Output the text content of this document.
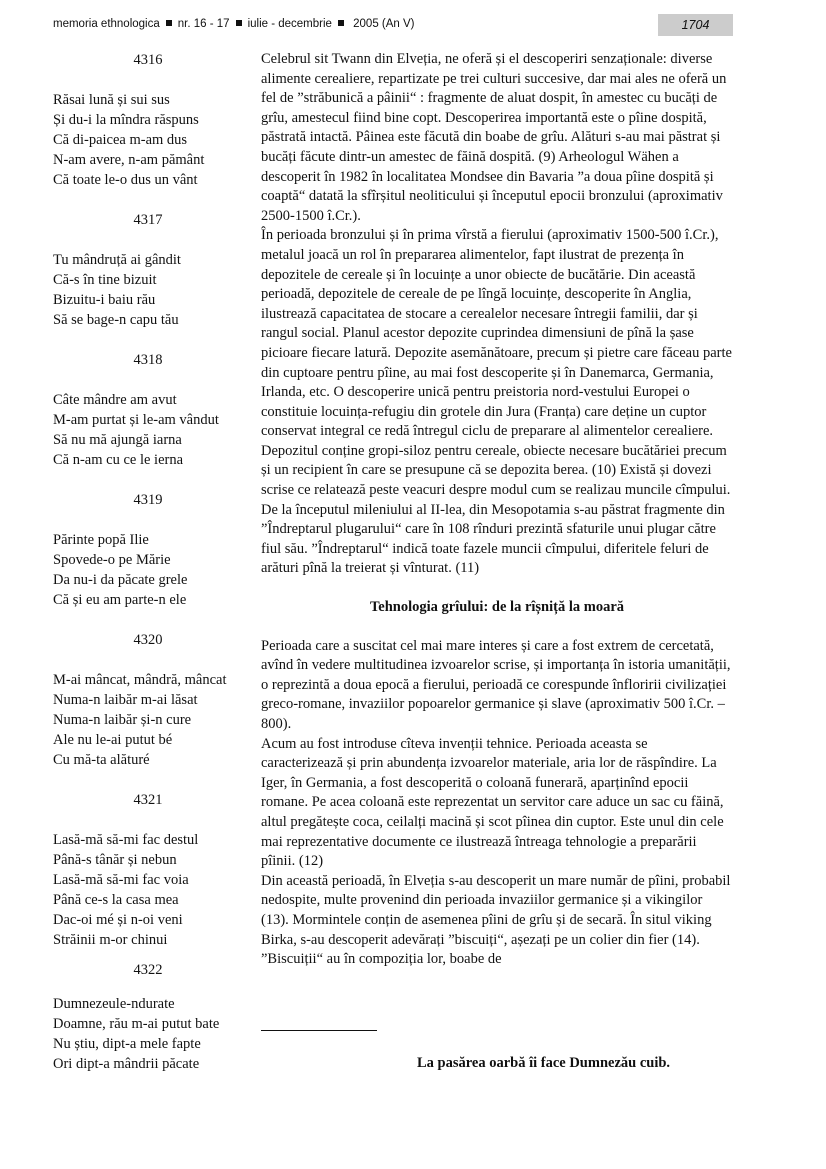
memoria ethnologica nr. 16 - 17 iulie - decembrie 2005 (An V)	1704
4316
Răsai lună și sui sus
Și du-i la mîndra răspuns
Că di-paicea m-am dus
N-am avere, n-am pământ
Că toate le-o dus un vânt
4317
Tu mândruță ai gândit
Că-s în tine bizuit
Bizuitu-i baiu rău
Să se bage-n capu tău
4318
Câte mândre am avut
M-am purtat și le-am vândut
Să nu mă ajungă iarna
Că n-am cu ce le ierna
4319
Părinte popă Ilie
Spovede-o pe Mărie
Da nu-i da păcate grele
Că și eu am parte-n ele
4320
M-ai mâncat, mândră, mâncat
Numa-n laibăr m-ai lăsat
Numa-n laibăr și-n cure
Ale nu le-ai putut bé
Cu mă-ta alăturé
4321
Lasă-mă să-mi fac destul
Până-s tânăr și nebun
Lasă-mă să-mi fac voia
Până ce-s la casa mea
Dac-oi mé și n-oi veni
Străinii m-or chinui
4322
Dumnezeule-ndurate
Doamne, rău m-ai putut bate
Nu știu, dipt-a mele fapte
Ori dipt-a mândrii păcate

Celebrul sit Twann din Elveția, ne oferă și el descoperiri senzaționale: diverse alimente cerealiere, repartizate pe trei culturi succesive, dar mai ales ne oferă un fel de ”străbunică a pâinii“ : fragmente de aluat dospit, în amestec cu bucăți de grîu, amestecul fiind bine copt. Descoperirea importantă este o pîine dospită, păstrată intactă. Pâinea este făcută din boabe de grîu. Alături s-au mai păstrat și bucăți făcute dintr-un amestec de făină dospită. (9) Arheologul Wähen a descoperit în 1982 în localitatea Mondsee din Bavaria ”a doua pîine dospită și coaptă“ datată la sfîrșitul neoliticului și începutul epocii bronzului (aproximativ 2500-1500 î.Cr.).

În perioada bronzului și în prima vîrstă a fierului (aproximativ 1500-500 î.Cr.), metalul joacă un rol în prepararea alimentelor, fapt ilustrat de prezența în depozitele de cereale și în locuințe a unor obiecte de bucătărie. Din această perioadă, depozitele de cereale de pe lîngă locuințe, descoperite în Anglia, ilustrează capacitatea de stocare a cerealelor necesare întregii familii, dar și rangul social. Planul acestor depozite cuprindea dimensiuni de pînă la șase picioare fiecare latură. Depozite asemănătoare, precum și pietre care făceau parte din cuptoare pentru pîine, au mai fost descoperite și în Danemarca, Germania, Irlanda, etc. O descoperire unică pentru preistoria nord-vestului Europei o constituie locuința-refugiu din grotele din Jura (Franța) care deține un cuptor conservat integral ce redă întregul ciclu de preparare al alimentelor cerealiere. Depozitul conține gropi-siloz pentru cereale, obiecte necesare bucătăriei precum și un recipient în care se presupune că se depozita berea. (10) Există și dovezi scrise ce relatează peste veacuri despre modul cum se realizau muncile cîmpului. De la începutul mileniului al II-lea, din Mesopotamia s-au păstrat fragmente din ”Îndreptarul plugarului“ care în 108 rînduri prezintă sfaturile unui plugar către fiul său. ”Îndreptarul“ indică toate fazele muncii cîmpului, diferitele feluri de arături pînă la treierat și vînturat. (11)

Tehnologia grîului: de la rîșniță la moară

Perioada care a suscitat cel mai mare interes și care a fost extrem de cercetată, avînd în vedere multitudinea izvoarelor scrise, și importanța în istoria umanității, o reprezintă a doua epocă a fierului, perioadă ce corespunde înfloririi civilizației greco-romane, invaziilor popoarelor germanice și slave (aproximativ 500 î.Cr. – 800).

Acum au fost introduse cîteva invenții tehnice. Perioada aceasta se caracterizează și prin abundența izvoarelor materiale, aria lor de răspîndire. La Iger, în Germania, a fost descoperită o coloană funerară, aparținînd epocii romane. Pe acea coloană este reprezentat un servitor care aduce un sac cu făină, altul pregătește coca, ceilalți macină și scot pîinea din cuptor. Este unul din cele mai reprezentative documente ce ilustrează întreaga tehnologie a preparării pîinii. (12)

Din această perioadă, în Elveția s-au descoperit un mare număr de pîini, probabil nedospite, multe provenind din perioada invaziilor germanice și a vikingilor (13). Mormintele conțin de asemenea pîini de grîu și de secară. În situl viking Birka, s-au descoperit adevărați ”biscuiți“, așezați pe un colier din fier (14). ”Biscuiții“ au în compoziția lor, boabe de

La pasărea oarbă îi face Dumnezău cuib.
